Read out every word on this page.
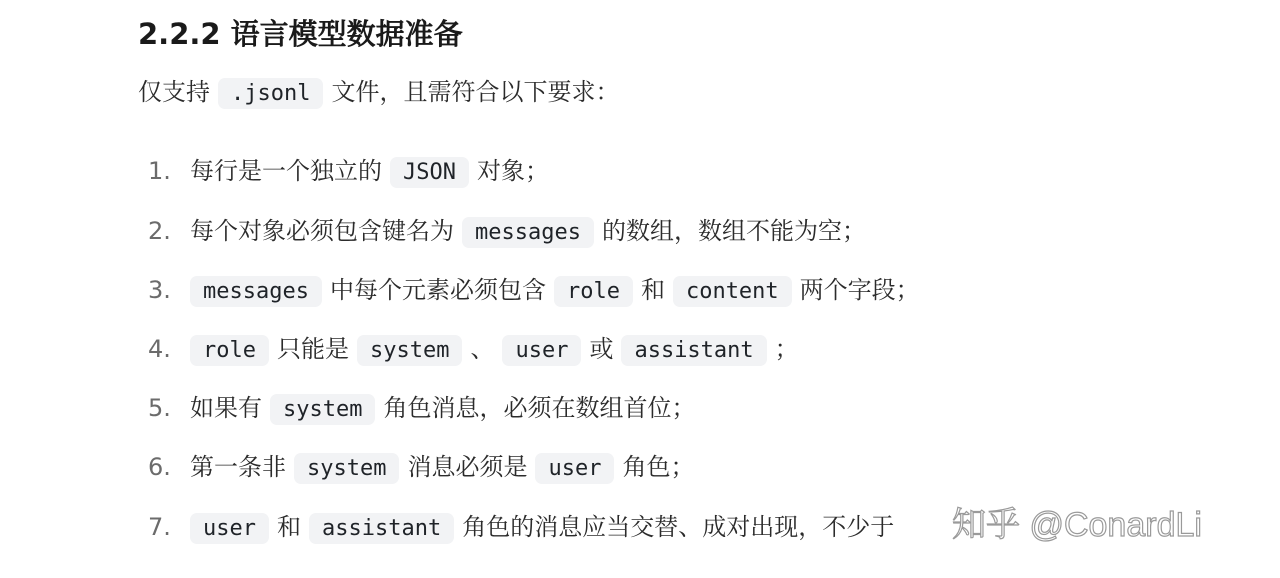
2.2.2 语言模型数据准备
仅支持 .jsonl 文件，且需符合以下要求：
1. 每行是一个独立的 JSON 对象；
2. 每个对象必须包含键名为 messages 的数组，数组不能为空；
3. messages 中每个元素必须包含 role 和 content 两个字段；
4. role 只能是 system 、 user 或 assistant ；
5. 如果有 system 角色消息，必须在数组首位；
6. 第一条非 system 消息必须是 user 角色；
7. user 和 assistant 角色的消息应当交替、成对出现，不少于 知乎 @ConardLi
